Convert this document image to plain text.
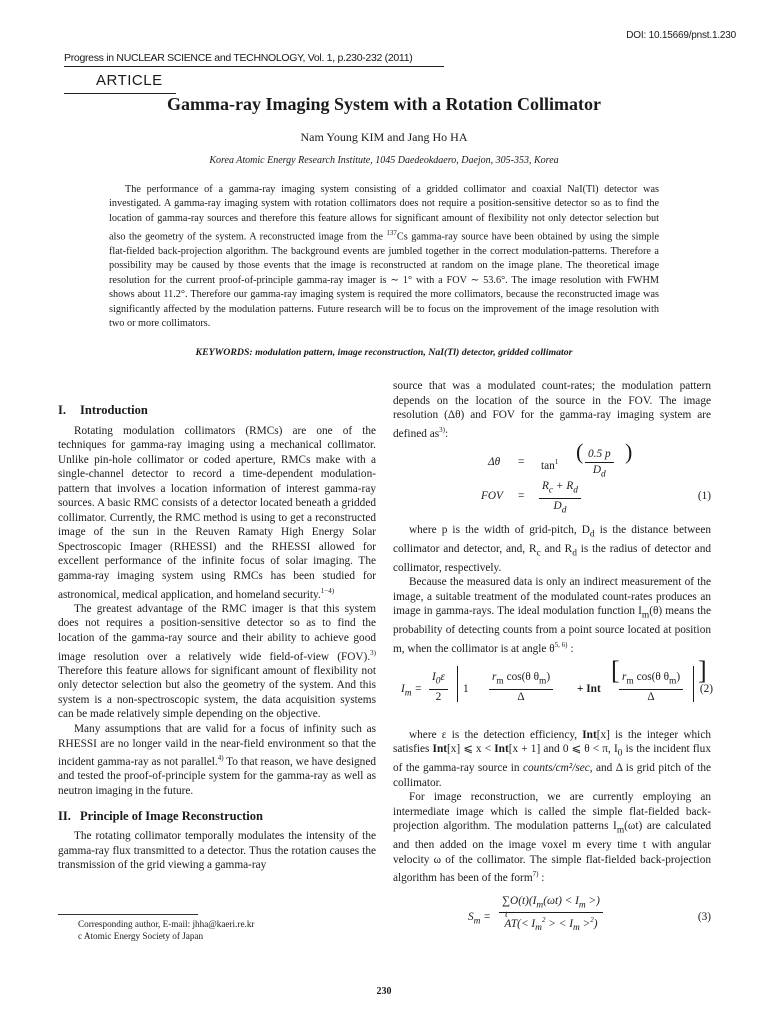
DOI: 10.15669/pnst.1.230
Progress in NUCLEAR SCIENCE and TECHNOLOGY, Vol. 1, p.230-232 (2011)
ARTICLE
Gamma-ray Imaging System with a Rotation Collimator
Nam Young KIM and Jang Ho HA
Korea Atomic Energy Research Institute, 1045 Daedeokdaero, Daejon, 305-353, Korea

The performance of a gamma-ray imaging system consisting of a gridded collimator and coaxial NaI(Tl) detector was investigated. A gamma-ray imaging system with rotation collimators does not require a position-sensitive detector so as to find the location of gamma-ray sources and therefore this feature allows for significant amount of flexibility not only detector selection but also the geometry of the system. A reconstructed image from the $^{137}$Cs gamma-ray source have been obtained by using the simple flat-fielded back-projection algorithm. The background events are jumbled together in the correct modulation-patterns. Therefore a possibility may be caused by those events that the image is reconstructed at random on the image plane. The theoretical image resolution for the current proof-of-principle gamma-ray imager is ∼ 1° with a FOV ∼ 53.6°. The image resolution with FWHM shows about 11.2°. Therefore our gamma-ray imaging system is required the more collimators, because the reconstructed image was significantly affected by the modulation patterns. Future research will be to focus on the improvement of the image resolution with two or more collimators.

KEYWORDS: modulation pattern, image reconstruction, NaI(Tl) detector, gridded collimator
I. Introduction

Rotating modulation collimators (RMCs) are one of the techniques for gamma-ray imaging using a mechanical collimator. Unlike pin-hole collimator or coded aperture, RMCs make with a single-channel detector to record a time-dependent modulation-pattern that involves a location information of interest gamma-ray sources. A basic RMC consists of a detector located beneath a gridded collimator. Currently, the RMC method is using to get a reconstructed image of the sun in the Reuven Ramaty High Energy Solar Spectroscopic Imager (RHESSI) and the RHESSI allowed for excellent performance of the infinite focus of solar imaging. The gamma-ray imaging system using RMCs has been studied for astronomical, medical application, and homeland security.$^{1-4)}$

The greatest advantage of the RMC imager is that this system does not requires a position-sensitive detector so as to find the location of the gamma-ray source and their ability to achieve good image resolution over a relatively wide field-of-view (FOV).$^{3)}$ Therefore this feature allows for significant amount of flexibility not only detector selection but also the geometry of the system. And this system is a non-spectroscopic system, the data acquisition systems can be made relatively simple depending on the objective.

Many assumptions that are valid for a focus of infinity such as RHESSI are no longer vaild in the near-field environment so that the incident gamma-ray as not parallel.$^{4)}$ To that reason, we have designed and tested the proof-of-principle system for the gamma-ray as well as neutron imaging in the future.

II. Principle of Image Reconstruction

The rotating collimator temporally modulates the intensity of the gamma-ray flux transmitted to a detector. Thus the rotation causes the transmission of the grid viewing a gamma-ray

source that was a modulated count-rates; the modulation pattern depends on the location of the source in the FOV. The image resolution (Δθ) and FOV for the gamma-ray imaging system are defined $as^{3)}$:

$\Delta\theta = \tan^1$ ( $\frac{0.5 p}{D_d}$ )
FOV = $\frac{R_c + R_d}{D_d}$	(1)

where p is the width of grid-pitch, $D_d$ is the distance between collimator and detector, and, $R_c$ and $R_d$ is the radius of detector and collimator, respectively.

Because the measured data is only an indirect measurement of the image, a suitable treatment of the modulated count-rates produces an image in gamma-rays. The ideal modulation function $I_m(\theta)$ means the probability of detecting counts from a point source located at position m, when the collimator is at angle $\theta^{5, 6)}$ :

$I_m = \frac{I_0\varepsilon}{2} 1 \frac{r_m \cos(\theta \theta_m)}{\Delta}$ + Int
[ $\frac{r_m \cos(\theta \theta_m)}{\Delta}$ ]
(2)

where ε is the detection efficiency, Int[x] is the integer which satisfies Int[x] ⩽ x < Int[x + 1] and 0 ⩽ θ < π, $I_0$ is the incident flux of the gamma-ray source in counts/cm²/sec, and Δ is grid pitch of the collimator.

For image reconstruction, we are currently employing an intermediate image which is called the simple flat-fielded back-projection algorithm. The modulation patterns $I_m(\omega t)$ are calculated and then added on the image voxel m every time t with angular velocity ω of the collimator. The simple flat-fielded back-projection algorithm has been of the form$^{7)}$ :

$S_m = \sum O(t)(I_m(\omega t) < I_m$ >)
t
$AT(< I_m^2$ > < $I_m >^2$)	(3)
Corresponding author, E-mail: jhha@kaeri.re.kr
c Atomic Energy Society of Japan
230
